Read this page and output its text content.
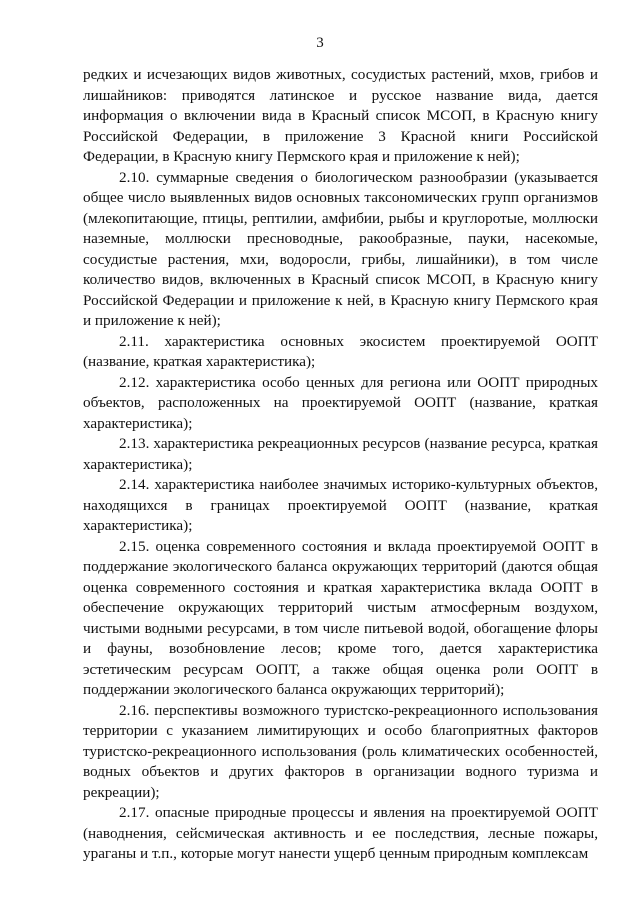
3

редких и исчезающих видов животных, сосудистых растений, мхов, грибов и лишайников: приводятся латинское и русское название вида, дается информация о включении вида в Красный список МСОП, в Красную книгу Российской Федерации, в приложение 3 Красной книги Российской Федерации, в Красную книгу Пермского края и приложение к ней);

2.10. суммарные сведения о биологическом разнообразии (указывается общее число выявленных видов основных таксономических групп организмов (млекопитающие, птицы, рептилии, амфибии, рыбы и круглоротые, моллюски наземные, моллюски пресноводные, ракообразные, пауки, насекомые, сосудистые растения, мхи, водоросли, грибы, лишайники), в том числе количество видов, включенных в Красный список МСОП, в Красную книгу Российской Федерации и приложение к ней, в Красную книгу Пермского края и приложение к ней);

2.11. характеристика основных экосистем проектируемой ООПТ (название, краткая характеристика);

2.12. характеристика особо ценных для региона или ООПТ природных объектов, расположенных на проектируемой ООПТ (название, краткая характеристика);

2.13. характеристика рекреационных ресурсов (название ресурса, краткая характеристика);

2.14. характеристика наиболее значимых историко-культурных объектов, находящихся в границах проектируемой ООПТ (название, краткая характеристика);

2.15. оценка современного состояния и вклада проектируемой ООПТ в поддержание экологического баланса окружающих территорий (даются общая оценка современного состояния и краткая характеристика вклада ООПТ в обеспечение окружающих территорий чистым атмосферным воздухом, чистыми водными ресурсами, в том числе питьевой водой, обогащение флоры и фауны, возобновление лесов; кроме того, дается характеристика эстетическим ресурсам ООПТ, а также общая оценка роли ООПТ в поддержании экологического баланса окружающих территорий);

2.16. перспективы возможного туристско-рекреационного использования территории с указанием лимитирующих и особо благоприятных факторов туристско-рекреационного использования (роль климатических особенностей, водных объектов и других факторов в организации водного туризма и рекреации);

2.17. опасные природные процессы и явления на проектируемой ООПТ (наводнения, сейсмическая активность и ее последствия, лесные пожары, ураганы и т.п., которые могут нанести ущерб ценным природным комплексам
